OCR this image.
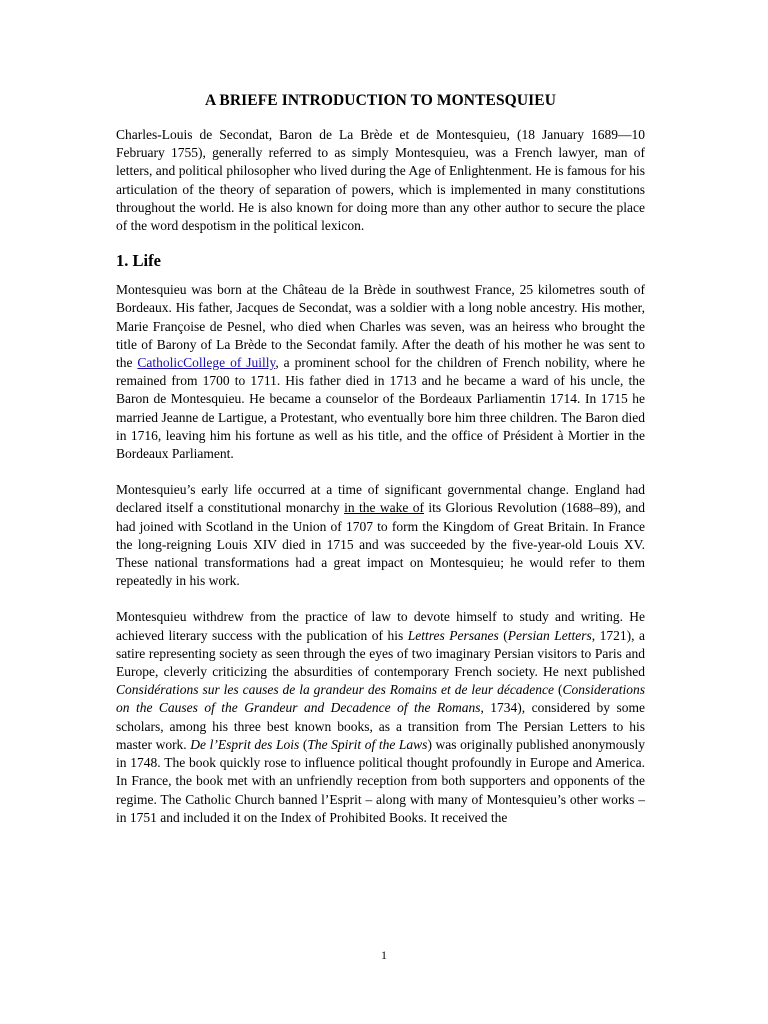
A BRIEFE INTRODUCTION TO MONTESQUIEU

Charles-Louis de Secondat, Baron de La Brède et de Montesquieu, (18 January 1689—10 February 1755), generally referred to as simply Montesquieu, was a French lawyer, man of letters, and political philosopher who lived during the Age of Enlightenment. He is famous for his articulation of the theory of separation of powers, which is implemented in many constitutions throughout the world. He is also known for doing more than any other author to secure the place of the word despotism in the political lexicon.

1. Life

Montesquieu was born at the Château de la Brède in southwest France, 25 kilometres south of Bordeaux. His father, Jacques de Secondat, was a soldier with a long noble ancestry. His mother, Marie Françoise de Pesnel, who died when Charles was seven, was an heiress who brought the title of Barony of La Brède to the Secondat family. After the death of his mother he was sent to the CatholicCollege of Juilly, a prominent school for the children of French nobility, where he remained from 1700 to 1711. His father died in 1713 and he became a ward of his uncle, the Baron de Montesquieu. He became a counselor of the Bordeaux Parliamentin 1714. In 1715 he married Jeanne de Lartigue, a Protestant, who eventually bore him three children. The Baron died in 1716, leaving him his fortune as well as his title, and the office of Président à Mortier in the Bordeaux Parliament.

Montesquieu’s early life occurred at a time of significant governmental change. England had declared itself a constitutional monarchy in the wake of its Glorious Revolution (1688–89), and had joined with Scotland in the Union of 1707 to form the Kingdom of Great Britain. In France the long-reigning Louis XIV died in 1715 and was succeeded by the five-year-old Louis XV. These national transformations had a great impact on Montesquieu; he would refer to them repeatedly in his work.

Montesquieu withdrew from the practice of law to devote himself to study and writing. He achieved literary success with the publication of his Lettres Persanes (Persian Letters, 1721), a satire representing society as seen through the eyes of two imaginary Persian visitors to Paris and Europe, cleverly criticizing the absurdities of contemporary French society. He next published Considérations sur les causes de la grandeur des Romains et de leur décadence (Considerations on the Causes of the Grandeur and Decadence of the Romans, 1734), considered by some scholars, among his three best known books, as a transition from The Persian Letters to his master work. De l’Esprit des Lois (The Spirit of the Laws) was originally published anonymously in 1748. The book quickly rose to influence political thought profoundly in Europe and America. In France, the book met with an unfriendly reception from both supporters and opponents of the regime. The Catholic Church banned l’Esprit – along with many of Montesquieu’s other works – in 1751 and included it on the Index of Prohibited Books. It received the

1
